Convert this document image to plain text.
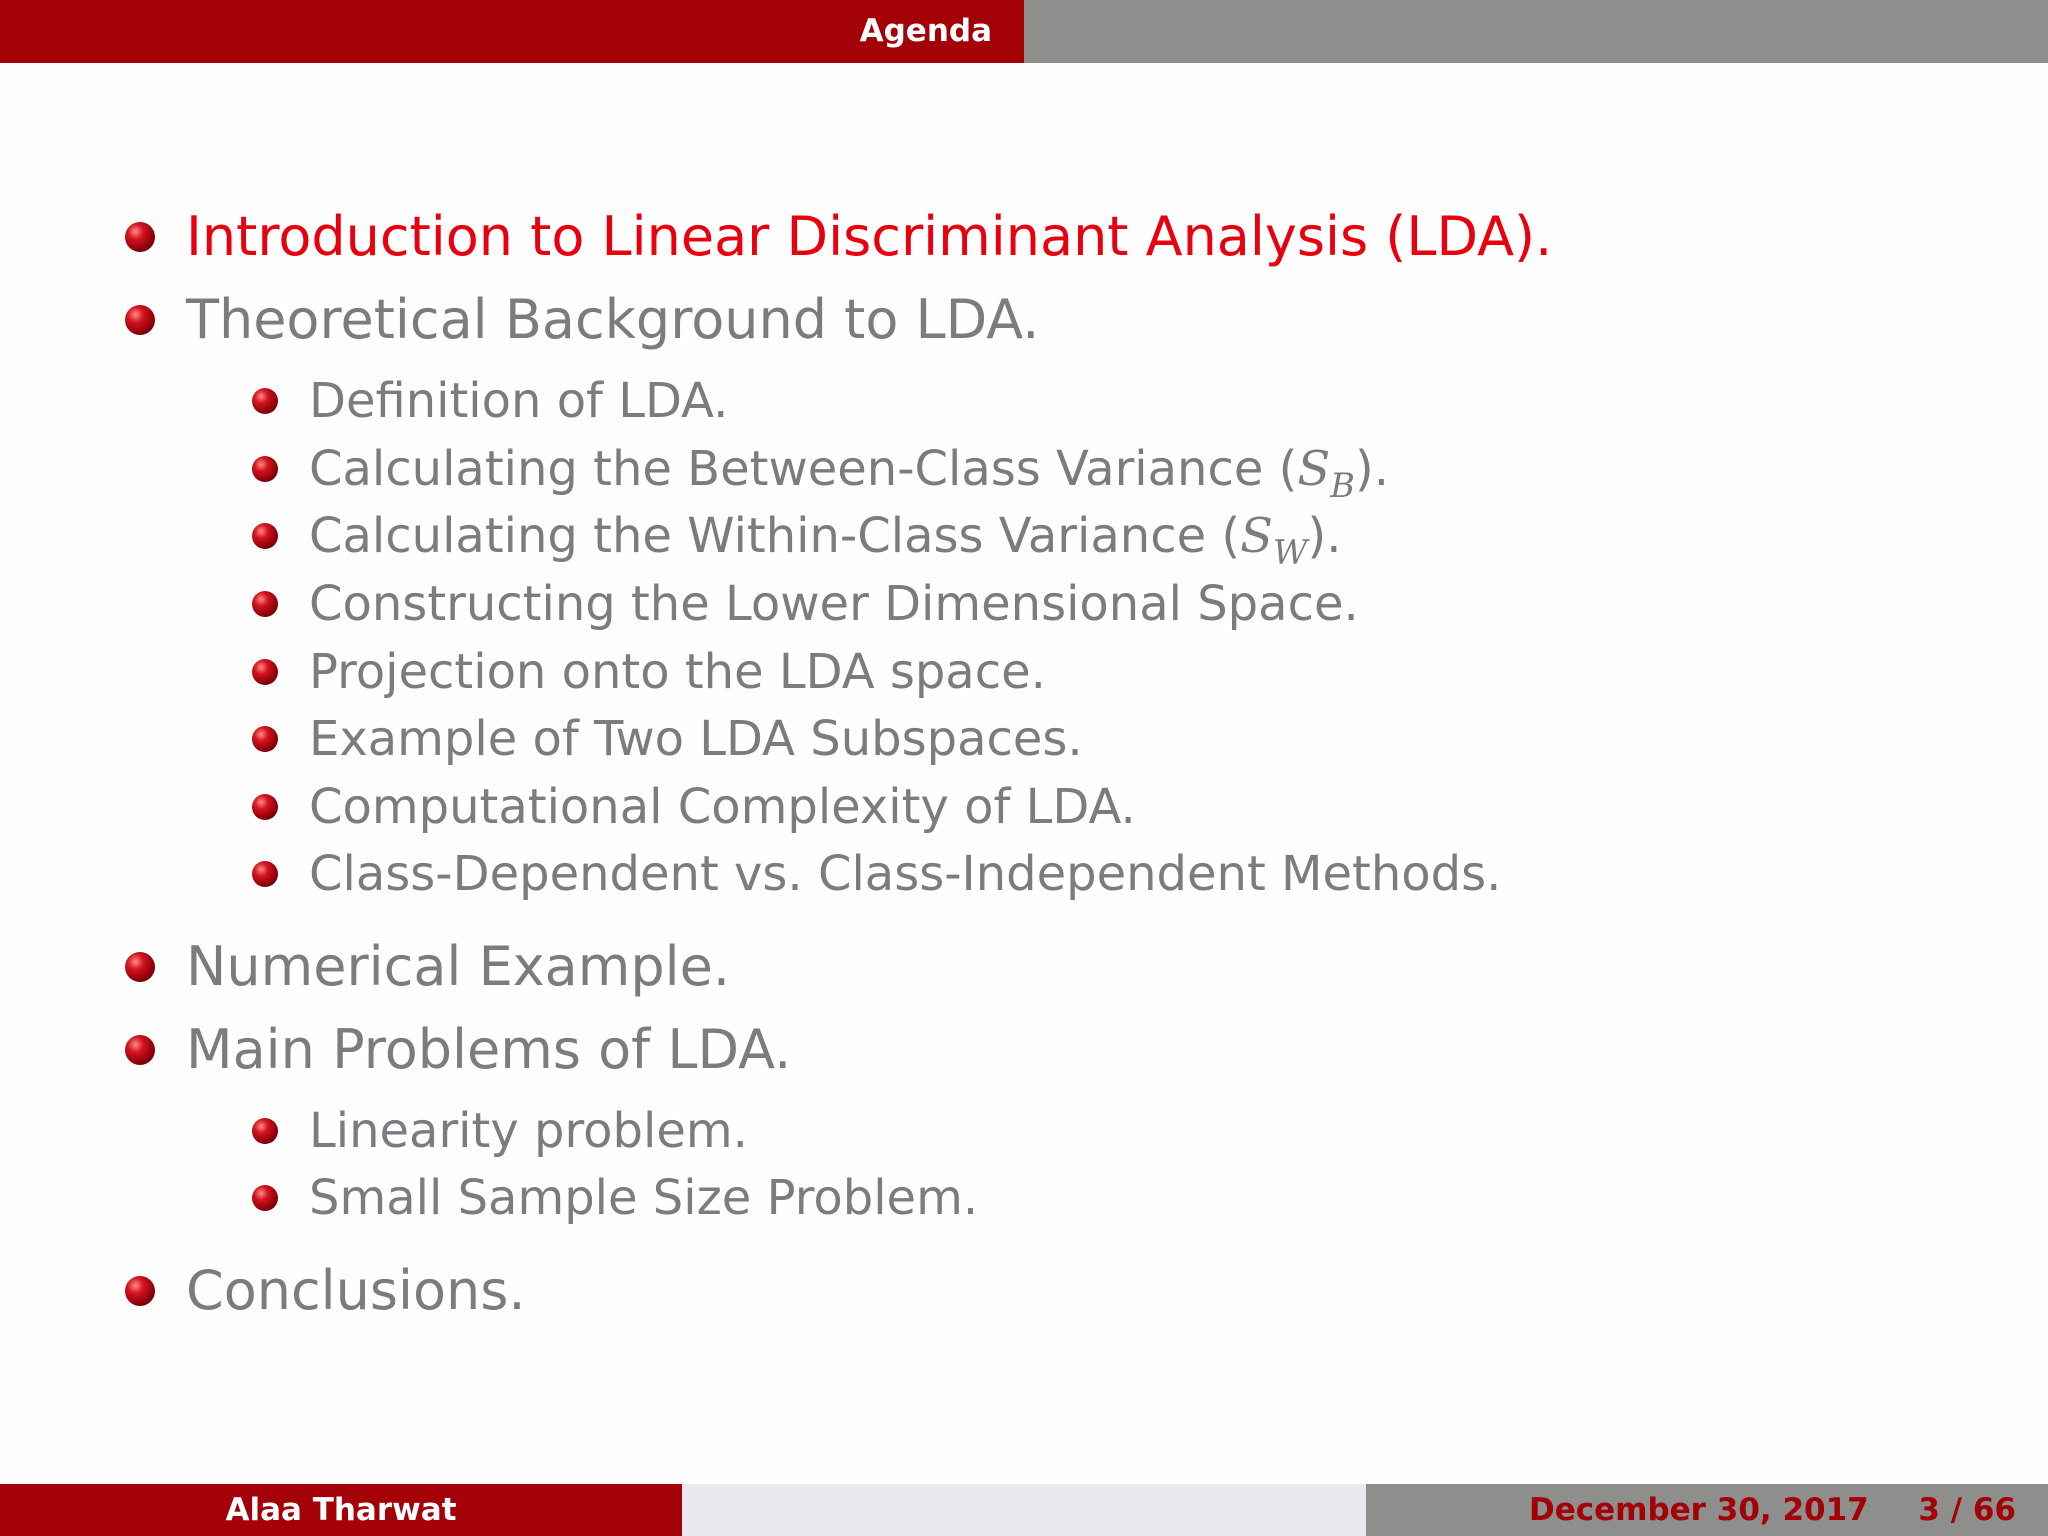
Agenda
Introduction to Linear Discriminant Analysis (LDA).
Theoretical Background to LDA.
Definition of LDA.
Calculating the Between-Class Variance $(S_B)$.
Calculating the Within-Class Variance $(S_W)$.
Constructing the Lower Dimensional Space.
Projection onto the LDA space.
Example of Two LDA Subspaces.
Computational Complexity of LDA.
Class-Dependent vs. Class-Independent Methods.
Numerical Example.
Main Problems of LDA.
Linearity problem.
Small Sample Size Problem.
Conclusions.
Alaa Tharwat	December 30, 2017 3 / 66
